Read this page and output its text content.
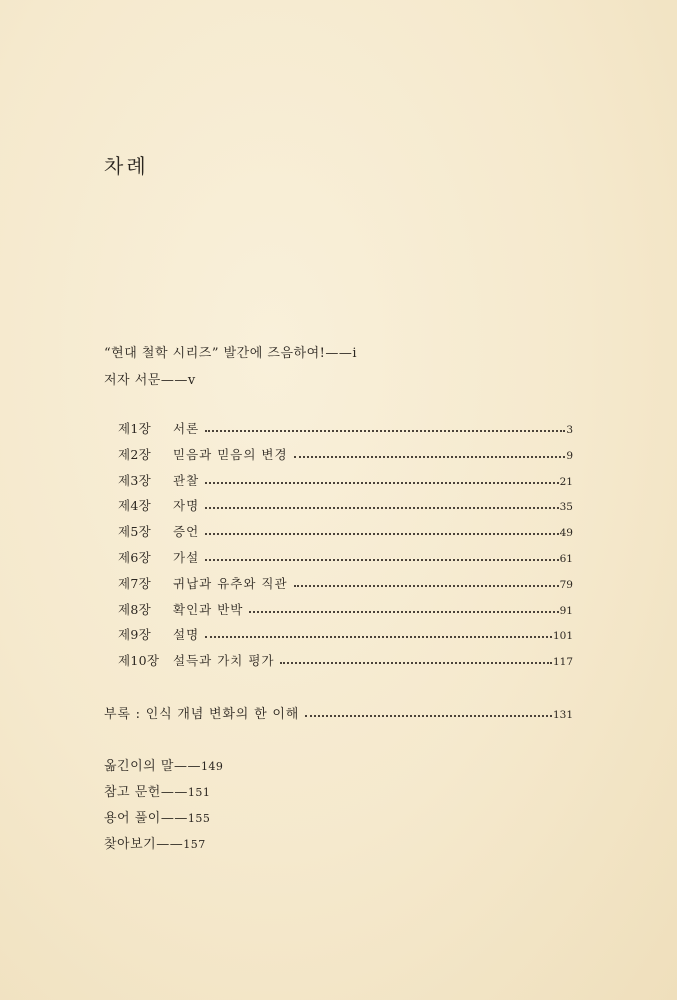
차례
“현대 철학 시리즈” 발간에 즈음하여!——i
저자 서문——v
제1장	서론	3
제2장	믿음과 믿음의 변경	9
제3장	관찰	21
제4장	자명	35
제5장	증언	49
제6장	가설	61
제7장	귀납과 유추와 직관	79
제8장	확인과 반박	91
제9장	설명	101
제10장	설득과 가치 평가	117
부록 : 인식 개념 변화의 한 이해	131
옮긴이의 말——149
참고 문헌——151
용어 풀이——155
찾아보기——157
